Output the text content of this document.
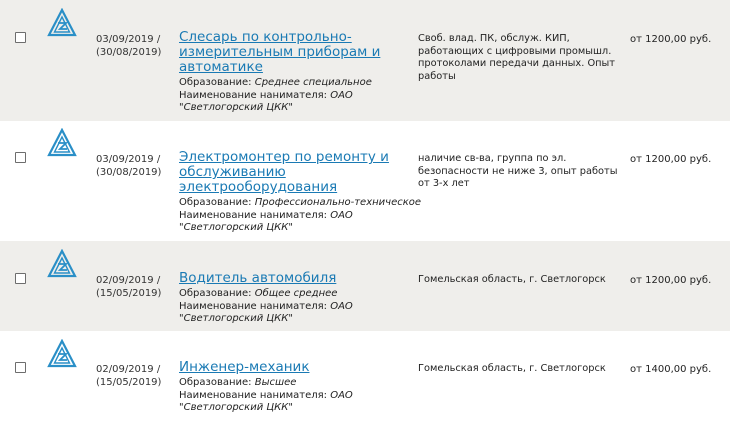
03/09/2019 /
(30/08/2019)
Слесарь по контрольно-измерительным приборам и автоматике
Образование: Среднее специальное
Наименование нанимателя: ОАО
"Светлогорский ЦКК"
Своб. влад. ПК, обслуж. КИП, работающих с цифровыми промышл. протоколами передачи данных. Опыт работы
от 1200,00 руб.
03/09/2019 /
(30/08/2019)
Электромонтер по ремонту и обслуживанию электрооборудования
Образование: Профессионально-техническое
Наименование нанимателя: ОАО
"Светлогорский ЦКК"
наличие св-ва, группа по эл. безопасности не ниже 3, опыт работы от 3-х лет
от 1200,00 руб.
02/09/2019 /
(15/05/2019)
Водитель автомобиля
Образование: Общее среднее
Наименование нанимателя: ОАО
"Светлогорский ЦКК"
Гомельская область, г. Светлогорск	от 1200,00 руб.
02/09/2019 /
(15/05/2019)
Инженер-механик
Образование: Высшее
Наименование нанимателя: ОАО
"Светлогорский ЦКК"
Гомельская область, г. Светлогорск	от 1400,00 руб.
